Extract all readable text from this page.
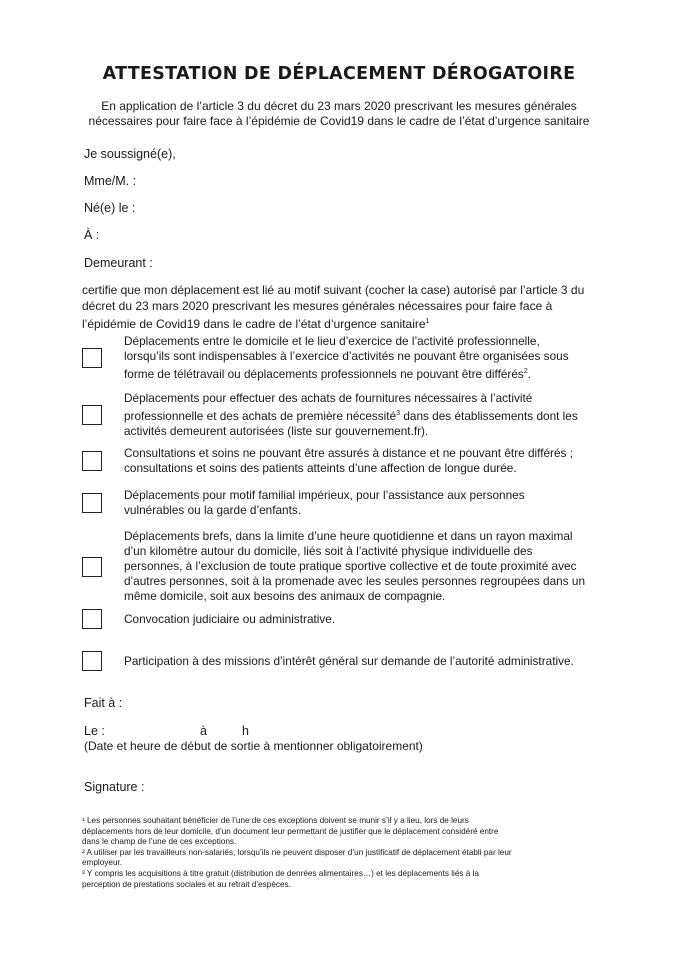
ATTESTATION DE DÉPLACEMENT DÉROGATOIRE
En application de l’article 3 du décret du 23 mars 2020 prescrivant les mesures générales
nécessaires pour faire face à l’épidémie de Covid19 dans le cadre de l’état d’urgence sanitaire
Je soussigné(e),
Mme/M. :
Né(e) le :
À :
Demeurant :
certifie que mon déplacement est lié au motif suivant (cocher la case) autorisé par l’article 3 du
décret du 23 mars 2020 prescrivant les mesures générales nécessaires pour faire face à
l’épidémie de Covid19 dans le cadre de l’état d’urgence sanitaire$^1$
Déplacements entre le domicile et le lieu d’exercice de l’activité professionnelle,
lorsqu’ils sont indispensables à l’exercice d’activités ne pouvant être organisées sous
forme de télétravail ou déplacements professionnels ne pouvant être différés$^2$.
Déplacements pour effectuer des achats de fournitures nécessaires à l’activité
professionnelle et des achats de première nécessité$^3$ dans des établissements dont les
activités demeurent autorisées (liste sur gouvernement.fr).
Consultations et soins ne pouvant être assurés à distance et ne pouvant être différés ;
consultations et soins des patients atteints d’une affection de longue durée.
Déplacements pour motif familial impérieux, pour l’assistance aux personnes
vulnérables ou la garde d’enfants.
Déplacements brefs, dans la limite d’une heure quotidienne et dans un rayon maximal
d’un kilomètre autour du domicile, liés soit à l’activité physique individuelle des
personnes, à l’exclusion de toute pratique sportive collective et de toute proximité avec
d’autres personnes, soit à la promenade avec les seules personnes regroupées dans un
même domicile, soit aux besoins des animaux de compagnie.
Convocation judiciaire ou administrative.
Participation à des missions d’intérêt général sur demande de l’autorité administrative.
Fait à :
Le :	à	h
(Date et heure de début de sortie à mentionner obligatoirement)
Signature :
¹ Les personnes souhaitant bénéficier de l’une de ces exceptions doivent se munir s’il y a lieu, lors de leurs
déplacements hors de leur domicile, d’un document leur permettant de justifier que le déplacement considéré entre
dans le champ de l’une de ces exceptions.
² A utiliser par les travailleurs non-salariés, lorsqu’ils ne peuvent disposer d’un justificatif de déplacement établi par leur
employeur.
³ Y compris les acquisitions à titre gratuit (distribution de denrées alimentaires…) et les déplacements liés à la
perception de prestations sociales et au retrait d’espèces.
